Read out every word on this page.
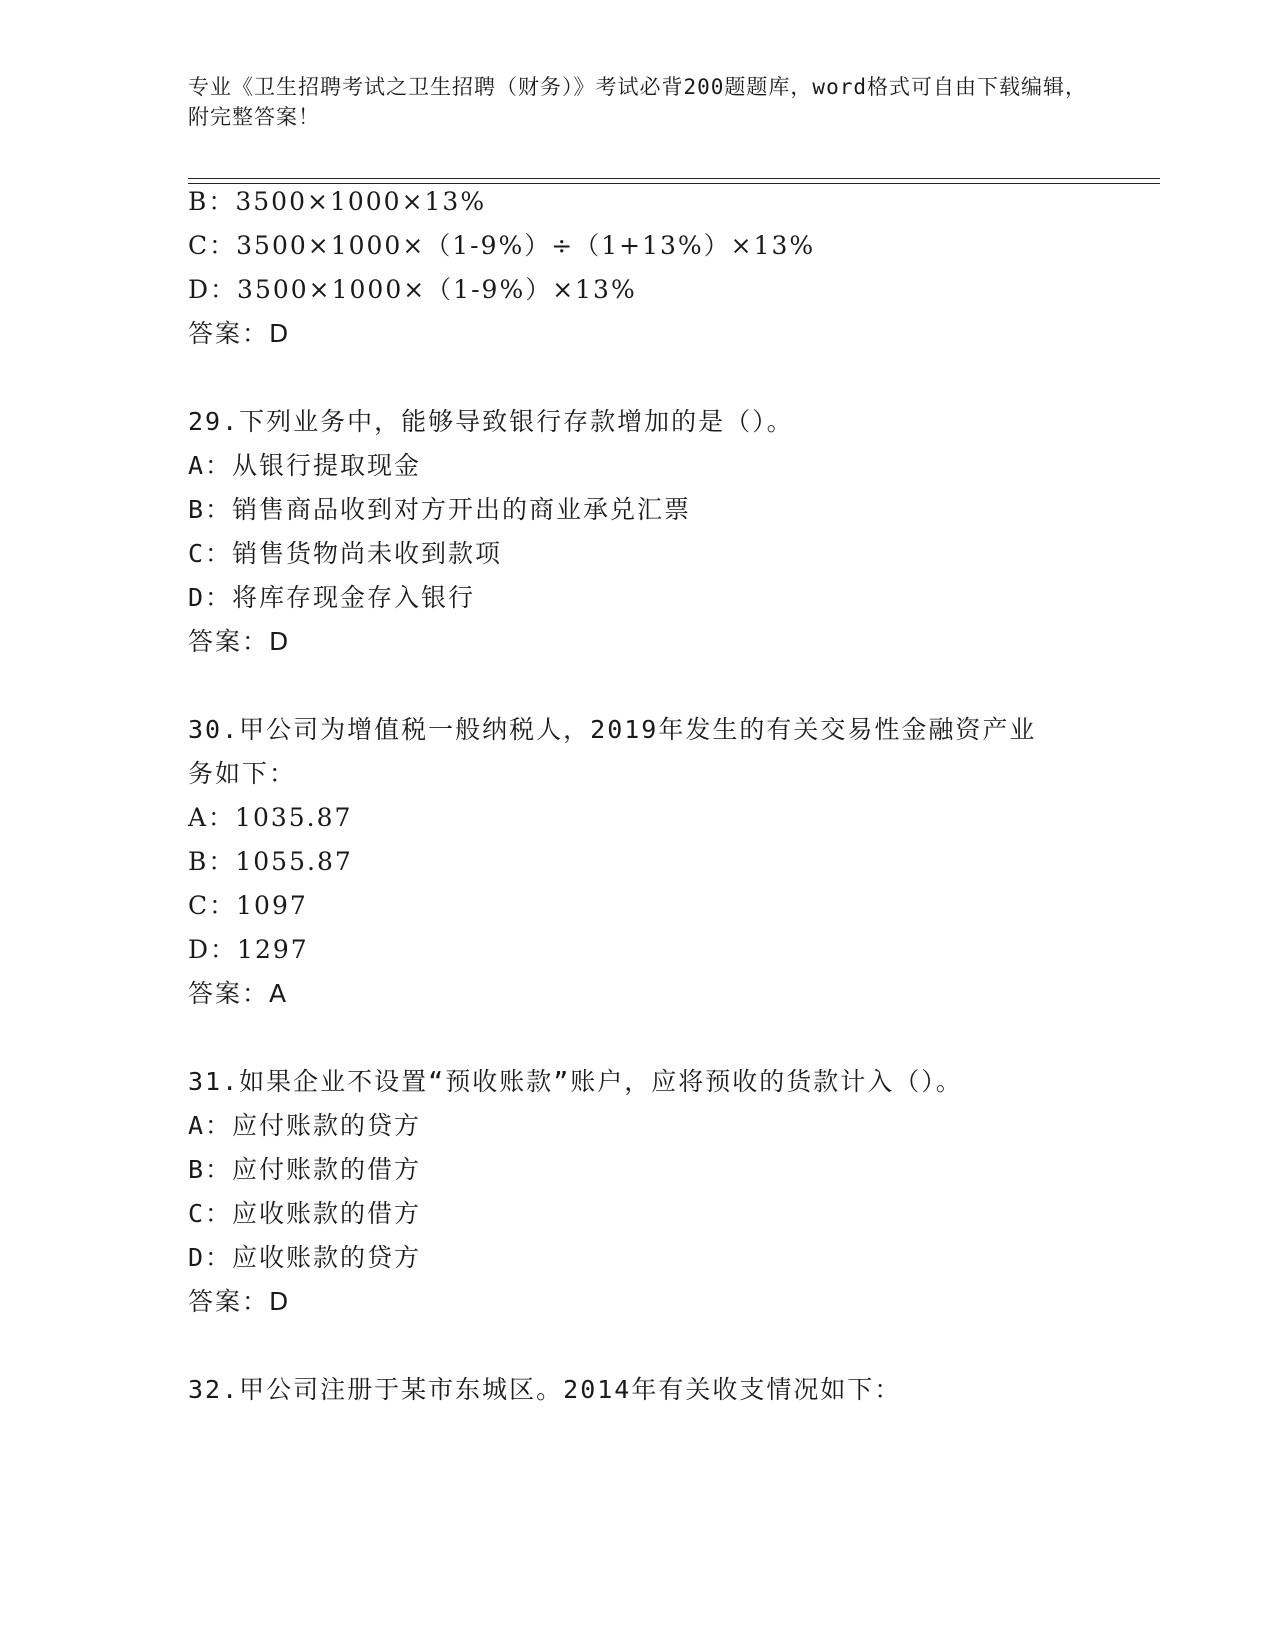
专业《卫生招聘考试之卫生招聘（财务）》考试必背200题题库，word格式可自由下载编辑，附完整答案！
B：3500×1000×13%
C：3500×1000×（1-9%）÷（1+13%）×13%
D：3500×1000×（1-9%）×13%
答案：D
29.下列业务中，能够导致银行存款增加的是（）。
A：从银行提取现金
B：销售商品收到对方开出的商业承兑汇票
C：销售货物尚未收到款项
D：将库存现金存入银行
答案：D
30.甲公司为增值税一般纳税人，2019年发生的有关交易性金融资产业
务如下：
A：1035.87
B：1055.87
C：1097
D：1297
答案：A
31.如果企业不设置“预收账款”账户，应将预收的货款计入（）。
A：应付账款的贷方
B：应付账款的借方
C：应收账款的借方
D：应收账款的贷方
答案：D
32.甲公司注册于某市东城区。2014年有关收支情况如下：
